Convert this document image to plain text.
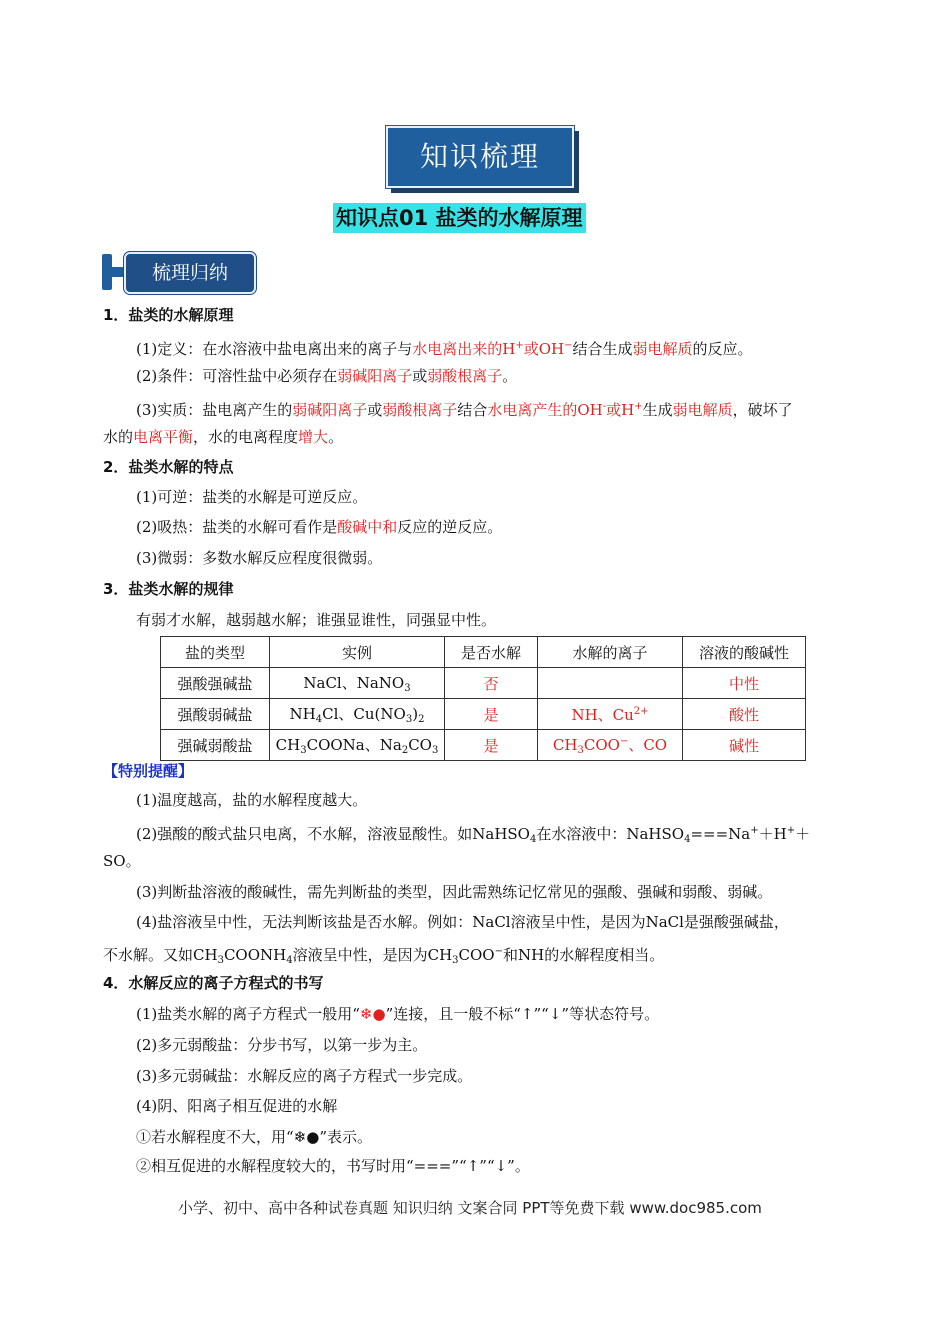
知识梳理
知识点01 盐类的水解原理
梳理归纳
1．盐类的水解原理
(1)定义：在水溶液中盐电离出来的离子与水电离出来的H+或OH−结合生成弱电解质的反应。
(2)条件：可溶性盐中必须存在弱碱阳离子或弱酸根离子。
(3)实质：盐电离产生的弱碱阳离子或弱酸根离子结合水电离产生的OH-或H+生成弱电解质，破坏了
水的电离平衡，水的电离程度增大。
2．盐类水解的特点
(1)可逆：盐类的水解是可逆反应。
(2)吸热：盐类的水解可看作是酸碱中和反应的逆反应。
(3)微弱：多数水解反应程度很微弱。
3．盐类水解的规律
有弱才水解，越弱越水解；谁强显谁性，同强显中性。
盐的类型	实例	是否水解	水解的离子	溶液的酸碱性
强酸强碱盐	NaCl、NaNO$_3$	否		中性
强酸弱碱盐	$NH_4Cl$、$Cu(NO_3)_2$	是	NH、$Cu^{2+}$	酸性
强碱弱酸盐	$CH_3COONa$、$Na_2CO_3$	是	$CH_3COO^-$、CO	碱性
【特别提醒】
(1)温度越高，盐的水解程度越大。
(2)强酸的酸式盐只电离，不水解，溶液显酸性。如NaHSO$_4$在水溶液中：NaHSO$_4$===Na+＋H+＋
SO。
(3)判断盐溶液的酸碱性，需先判断盐的类型，因此需熟练记忆常见的强酸、强碱和弱酸、弱碱。
(4)盐溶液呈中性，无法判断该盐是否水解。例如：NaCl溶液呈中性，是因为NaCl是强酸强碱盐，
不水解。又如$CH_3COONH_4$溶液呈中性，是因为$CH_3COO^-$和NH的水解程度相当。
4．水解反应的离子方程式的书写
(1)盐类水解的离子方程式一般用“❄●”连接，且一般不标“↑”“↓”等状态符号。
(2)多元弱酸盐：分步书写，以第一步为主。
(3)多元弱碱盐：水解反应的离子方程式一步完成。
(4)阴、阳离子相互促进的水解
①若水解程度不大，用“❄●”表示。
②相互促进的水解程度较大的，书写时用“===”“↑”“↓”。
小学、初中、高中各种试卷真题 知识归纳 文案合同 PPT等免费下载 www.doc985.com
